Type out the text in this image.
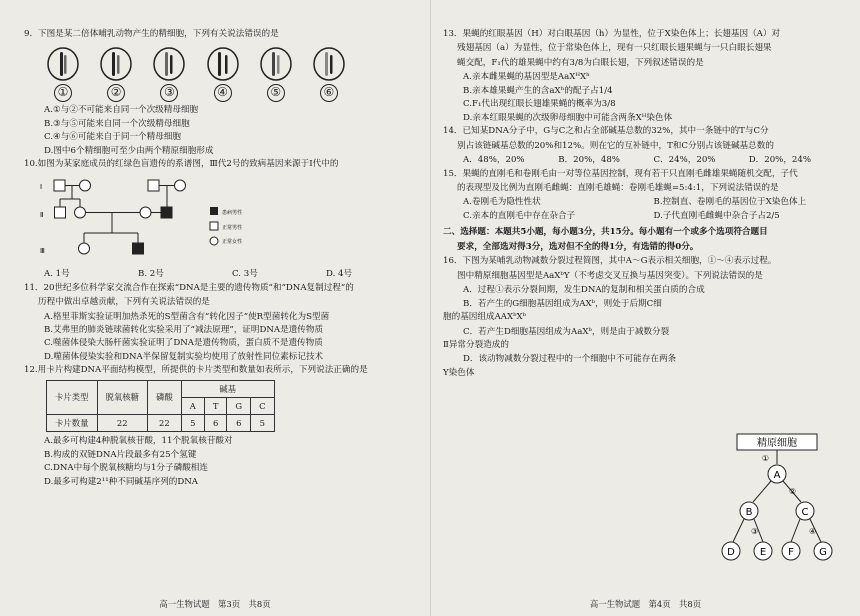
9．下图是某二倍体哺乳动物产生的精细胞，下列有关说法错误的是
①	②	③	④	⑤	⑥
A.①与②不可能来自同一个次级精母细胞
B.③与⑤可能来自同一个次级精母细胞
C.④与⑥可能来自于同一个精母细胞
D.图中6个精细胞可至少由两个精原细胞形成
10.如图为某家庭成员的红绿色盲遗传的系谱图，Ⅲ代2号的致病基因来源于Ⅰ代中的
Ⅰ
Ⅱ
Ⅲ
患病男性
正常男性
正常女性
A. 1号	B. 2号	C. 3号	D. 4号
11．20世纪多位科学家交流合作在探索“DNA是主要的遗传物质”和“DNA复制过程”的
历程中做出卓越贡献，下列有关说法错误的是
A.格里菲斯实验证明加热杀死的S型菌含有“转化因子”使R型菌转化为S型菌
B.艾弗里的肺炎链球菌转化实验采用了“减法原理”，证明DNA是遗传物质
C.噬菌体侵染大肠杆菌实验证明了DNA是遗传物质，蛋白质不是遗传物质
D.噬菌体侵染实验和DNA半保留复制实验均使用了放射性同位素标记技术
12.用卡片构建DNA平面结构模型，所提供的卡片类型和数量如表所示，下列说法正确的是
卡片类型	脱氧核糖	磷酸	碱基			
			A	T	G	C
卡片数量	22	22	5	6	6	5
A.最多可构建4种脱氧核苷酸，11个脱氧核苷酸对
B.构成的双链DNA片段最多有25个氢键
C.DNA中每个脱氧核糖均与1分子磷酸相连
D.最多可构建2¹¹种不同碱基序列的DNA
高一生物试题　第3页　共8页
13．果蝇的红眼基因（H）对白眼基因（h）为显性，位于X染色体上；长翅基因（A）对
残翅基因（a）为显性，位于常染色体上，现有一只红眼长翅果蝇与一只白眼长翅果
蝇交配，F₁代的雄果蝇中约有3/8为白眼长翅，下列叙述错误的是
A.亲本雌果蝇的基因型是AaXᴴXʰ
B.亲本雄果蝇产生的含aXʰ的配子占1/4
C.F₁代出现红眼长翅雄果蝇的概率为3/8
D.亲本红眼果蝇的次级卵母细胞中可能含两条Xᴴ染色体
14．已知某DNA分子中，G与C之和占全部碱基总数的32%，其中一条链中的T与C分
别占该链碱基总数的20%和12%。则在它的互补链中，T和C分别占该链碱基总数的
A．48%，20%	B．20%，48%	C．24%，20%	D．20%，24%
15．果蝇的直刚毛和卷刚毛由一对等位基因控制，现有若干只直刚毛雌雄果蝇随机交配，子代
的表现型及比例为直刚毛雌蝇：直刚毛雄蝇：卷刚毛雄蝇=5:4:1，下列说法错误的是
A.卷刚毛为隐性性状	B.控制直、卷刚毛的基因位于X染色体上
C.亲本的直刚毛中存在杂合子	D.子代直刚毛雌蝇中杂合子占2/5
二、选择题：本题共5小题，每小题3分，共15分。每小题有一个或多个选项符合题目
要求，全部选对得3分，选对但不全的得1分，有选错的得0分。
16．下图为某哺乳动物减数分裂过程简图，其中A～G表示相关细胞，①～④表示过程。
图中精原细胞基因型是AaXᵇY（不考虑交叉互换与基因突变）。下列说法错误的是
A．过程①表示分裂间期，发生DNA的复制和相关蛋白质的合成
B．若产生的G细胞基因组成为AXᵇ，则处于后期C细
胞的基因组成AAXᵇXᵇ
C．若产生D细胞基因组成为AaXᵇ，则是由于减数分裂
Ⅱ异常分裂造成的
D．该动物减数分裂过程中的一个细胞中不可能存在两条
Y染色体
精原细胞
①
A
②
B	C
③	④
D E F	G
高一生物试题　第4页　共8页
